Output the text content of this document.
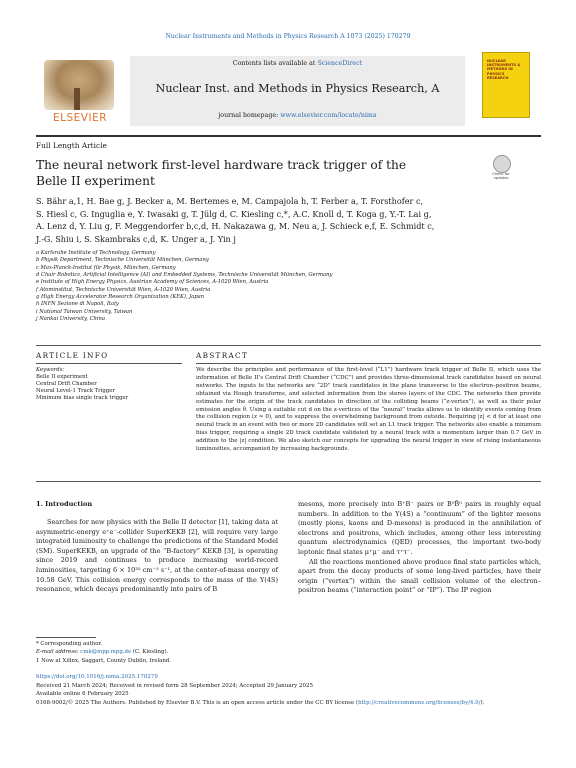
Nuclear Instruments and Methods in Physics Research A 1073 (2025) 170279
ELSEVIER
Contents lists available at ScienceDirect
Nuclear Inst. and Methods in Physics Research, A
journal homepage: www.elsevier.com/locate/nima
NUCLEAR INSTRUMENTS & METHODS IN PHYSICS RESEARCH
Full Length Article
The neural network first-level hardware track trigger of the Belle II experiment	Check for updates
S. Bähr a,1, H. Bae g, J. Becker a, M. Bertemes e, M. Campajola h, T. Ferber a, T. Forsthofer c,
S. Hiesl c, G. Inguglia e, Y. Iwasaki g, T. Jülg d, C. Kiesling c,*, A.C. Knoll d, T. Koga g, Y.-T. Lai g,
A. Lenz d, Y. Liu g, F. Meggendorfer b,c,d, H. Nakazawa g, M. Neu a, J. Schieck e,f, E. Schmidt c,
J.-G. Shiu i, S. Skambraks c,d, K. Unger a, J. Yin j
a Karlsruhe Institute of Technology, Germany
b Physik Department, Technische Universität München, Germany
c Max-Planck-Institut für Physik, München, Germany
d Chair Robotics, Artificial Intelligence (AI) and Embedded Systems, Technische Universität München, Germany
e Institute of High Energy Physics, Austrian Academy of Sciences, A-1020 Wien, Austria
f Atominstitut, Technische Universität Wien, A-1020 Wien, Austria
g High Energy Accelerator Research Organization (KEK), Japan
h INFN Sezione di Napoli, Italy
i National Taiwan University, Taiwan
j Nankai University, China
ARTICLE INFO	ABSTRACT
Keywords:
Belle II experiment
Central Drift Chamber
Neural Level-1 Track Trigger
Minimum bias single track trigger
We describe the principles and performance of the first-level (“L1”) hardware track trigger of Belle II, which uses the information of Belle II’s Central Drift Chamber (“CDC”) and provides three-dimensional track candidates based on neural networks. The inputs to the networks are “2D” track candidates in the plane transverse to the electron–positron beams, obtained via Hough transforms, and selected information from the stereo layers of the CDC. The networks then provide estimates for the origin of the track candidates in direction of the colliding beams (“z-vertex”), as well as their polar emission angles θ. Using a suitable cut d on the z-vertices of the “neural” tracks allows us to identify events coming from the collision region (z ≈ 0), and to suppress the overwhelming background from outside. Requiring |z| < d for at least one neural track in an event with two or more 2D candidates will set an L1 track trigger. The networks also enable a minimum bias trigger, requiring a single 2D track candidate validated by a neural track with a momentum larger than 0.7 GeV in addition to the |z| condition. We also sketch our concepts for upgrading the neural trigger in view of rising instantaneous luminosities, accompanied by increasing backgrounds.
1. Introduction
Searches for new physics with the Belle II detector [1], taking data at asymmetric-energy e⁺e⁻-collider SuperKEKB [2], will require very large integrated luminosity to challenge the predictions of the Standard Model (SM). SuperKEKB, an upgrade of the “B-factory” KEKB [3], is operating since 2019 and continues to produce increasing world-record luminosities, targeting 6 × 10³⁵ cm⁻² s⁻¹, at the center-of-mass energy of 10.58 GeV. This collision energy corresponds to the mass of the Υ(4S) resonance, which decays predominantly into pairs of B
mesons, more precisely into B⁺B⁻ pairs or B⁰B̄⁰ pairs in roughly equal numbers. In addition to the Υ(4S) a “continuum” of the lighter mesons (mostly pions, kaons and D-mesons) is produced in the annihilation of electrons and positrons, which includes, among other less interesting quantum electrodynamics (QED) processes, the important two-body leptonic final states μ⁺μ⁻ and τ⁺τ⁻.
All the reactions mentioned above produce final state particles which, apart from the decay products of some long-lived particles, have their origin (“vertex”) within the small collision volume of the electron–positron beams (“interaction point” or “IP”). The IP region
* Corresponding author.
E-mail address: cmk@mpp.mpg.de (C. Kiesling).
1 Now at Xilinx, Saggart, County Dublin, Ireland.
https://doi.org/10.1016/j.nima.2025.170279
Received 21 March 2024; Received in revised form 28 September 2024; Accepted 29 January 2025
Available online 6 February 2025
0168-9002/© 2025 The Authors. Published by Elsevier B.V. This is an open access article under the CC BY license (http://creativecommons.org/licenses/by/4.0/).
